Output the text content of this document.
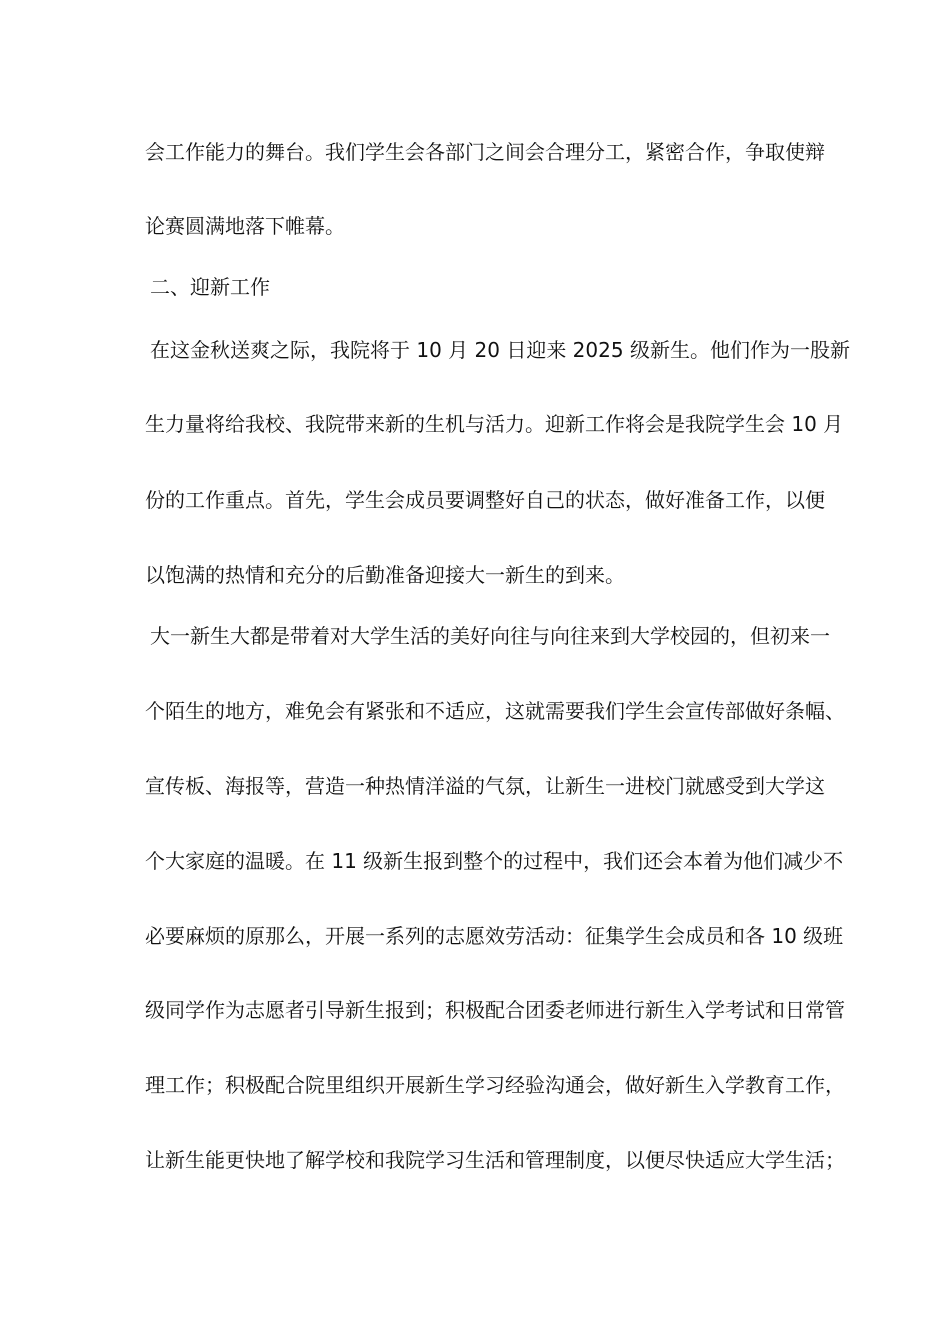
会工作能力的舞台。我们学生会各部门之间会合理分工，紧密合作，争取使辩
论赛圆满地落下帷幕。
二、迎新工作
在这金秋送爽之际，我院将于 10 月 20 日迎来 2025 级新生。他们作为一股新
生力量将给我校、我院带来新的生机与活力。迎新工作将会是我院学生会 10 月
份的工作重点。首先，学生会成员要调整好自己的状态，做好准备工作，以便
以饱满的热情和充分的后勤准备迎接大一新生的到来。
大一新生大都是带着对大学生活的美好向往与向往来到大学校园的，但初来一
个陌生的地方，难免会有紧张和不适应，这就需要我们学生会宣传部做好条幅、
宣传板、海报等，营造一种热情洋溢的气氛，让新生一进校门就感受到大学这
个大家庭的温暖。在 11 级新生报到整个的过程中，我们还会本着为他们减少不
必要麻烦的原那么，开展一系列的志愿效劳活动：征集学生会成员和各 10 级班
级同学作为志愿者引导新生报到；积极配合团委老师进行新生入学考试和日常管
理工作；积极配合院里组织开展新生学习经验沟通会，做好新生入学教育工作，
让新生能更快地了解学校和我院学习生活和管理制度，以便尽快适应大学生活；
